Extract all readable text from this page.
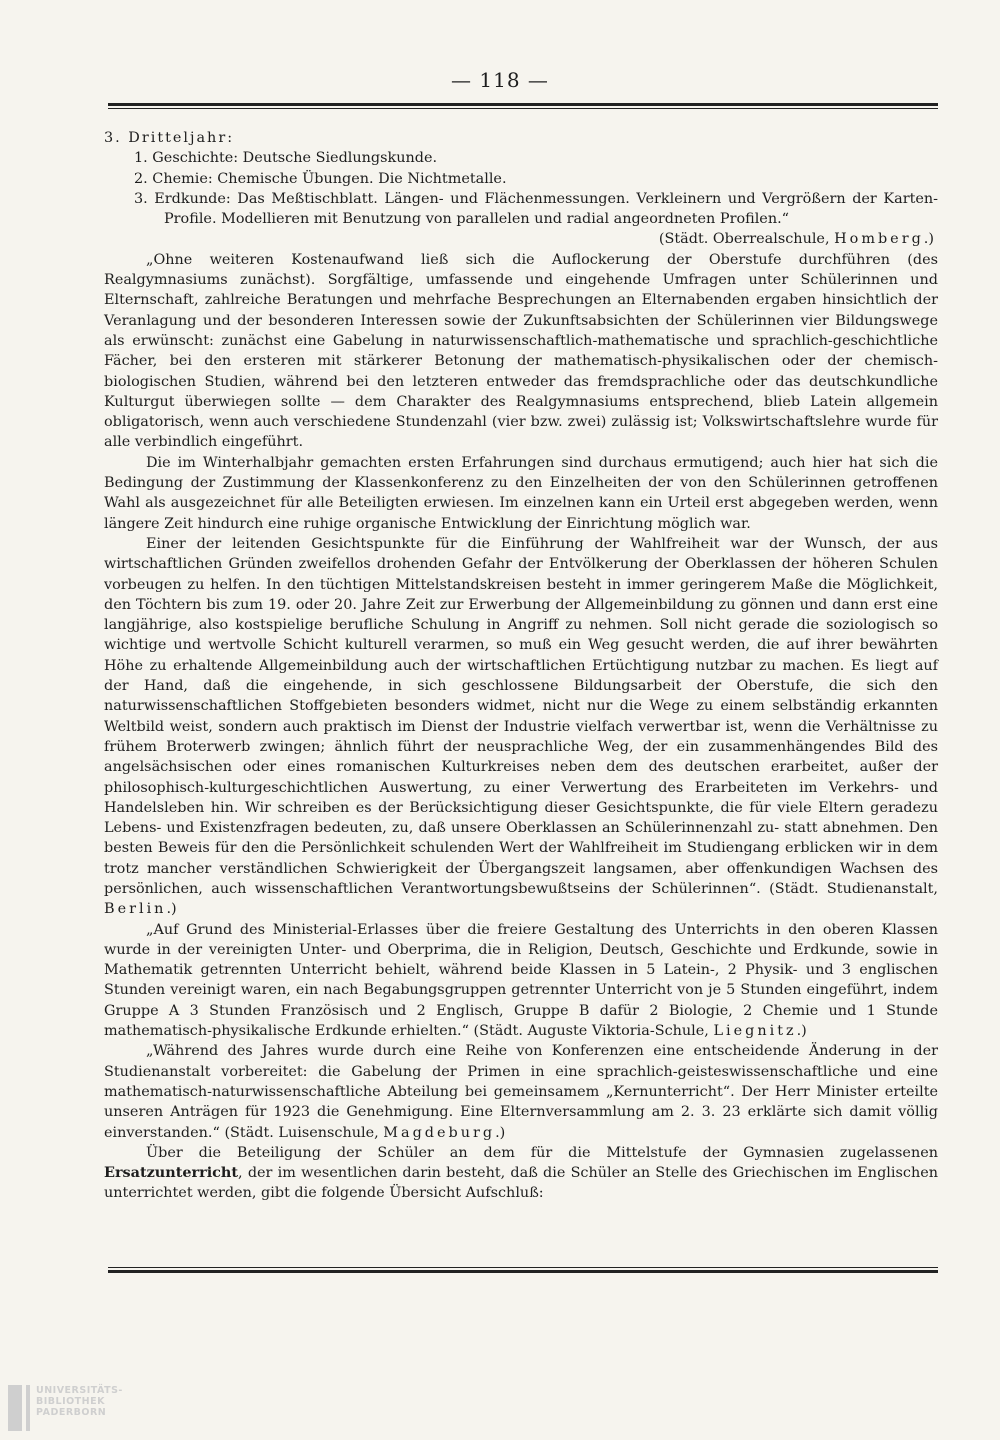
— 118 —
3. Dritteljahr:
1. Geschichte: Deutsche Siedlungskunde.
2. Chemie: Chemische Übungen. Die Nichtmetalle.
3. Erdkunde: Das Meßtischblatt. Längen- und Flächenmessungen. Verkleinern und Vergrößern der Karten-Profile. Modellieren mit Benutzung von parallelen und radial angeordneten Profilen.“
(Städt. Oberrealschule, Homberg.)

„Ohne weiteren Kostenaufwand ließ sich die Auflockerung der Oberstufe durchführen (des Realgymnasiums zunächst). Sorgfältige, umfassende und eingehende Umfragen unter Schülerinnen und Elternschaft, zahlreiche Beratungen und mehrfache Besprechungen an Elternabenden ergaben hinsichtlich der Veranlagung und der besonderen Interessen sowie der Zukunftsabsichten der Schülerinnen vier Bildungswege als erwünscht: zunächst eine Gabelung in naturwissenschaftlich-mathematische und sprachlich-geschichtliche Fächer, bei den ersteren mit stärkerer Betonung der mathematisch-physikalischen oder der chemisch-biologischen Studien, während bei den letzteren entweder das fremdsprachliche oder das deutschkundliche Kulturgut überwiegen sollte — dem Charakter des Realgymnasiums entsprechend, blieb Latein allgemein obligatorisch, wenn auch verschiedene Stundenzahl (vier bzw. zwei) zulässig ist; Volkswirtschaftslehre wurde für alle verbindlich eingeführt.

Die im Winterhalbjahr gemachten ersten Erfahrungen sind durchaus ermutigend; auch hier hat sich die Bedingung der Zustimmung der Klassenkonferenz zu den Einzelheiten der von den Schülerinnen getroffenen Wahl als ausgezeichnet für alle Beteiligten erwiesen. Im einzelnen kann ein Urteil erst abgegeben werden, wenn längere Zeit hindurch eine ruhige organische Entwicklung der Einrichtung möglich war.

Einer der leitenden Gesichtspunkte für die Einführung der Wahlfreiheit war der Wunsch, der aus wirtschaftlichen Gründen zweifellos drohenden Gefahr der Entvölkerung der Oberklassen der höheren Schulen vorbeugen zu helfen. In den tüchtigen Mittelstandskreisen besteht in immer geringerem Maße die Möglichkeit, den Töchtern bis zum 19. oder 20. Jahre Zeit zur Erwerbung der Allgemeinbildung zu gönnen und dann erst eine langjährige, also kostspielige berufliche Schulung in Angriff zu nehmen. Soll nicht gerade die soziologisch so wichtige und wertvolle Schicht kulturell verarmen, so muß ein Weg gesucht werden, die auf ihrer bewährten Höhe zu erhaltende Allgemeinbildung auch der wirtschaftlichen Ertüchtigung nutzbar zu machen. Es liegt auf der Hand, daß die eingehende, in sich geschlossene Bildungsarbeit der Oberstufe, die sich den naturwissenschaftlichen Stoffgebieten besonders widmet, nicht nur die Wege zu einem selbständig erkannten Weltbild weist, sondern auch praktisch im Dienst der Industrie vielfach verwertbar ist, wenn die Verhältnisse zu frühem Broterwerb zwingen; ähnlich führt der neusprachliche Weg, der ein zusammenhängendes Bild des angelsächsischen oder eines romanischen Kulturkreises neben dem des deutschen erarbeitet, außer der philosophisch-kulturgeschichtlichen Auswertung, zu einer Verwertung des Erarbeiteten im Verkehrs- und Handelsleben hin. Wir schreiben es der Berücksichtigung dieser Gesichtspunkte, die für viele Eltern geradezu Lebens- und Existenzfragen bedeuten, zu, daß unsere Oberklassen an Schülerinnenzahl zu- statt abnehmen. Den besten Beweis für den die Persönlichkeit schulenden Wert der Wahlfreiheit im Studiengang erblicken wir in dem trotz mancher verständlichen Schwierigkeit der Übergangszeit langsamen, aber offenkundigen Wachsen des persönlichen, auch wissenschaftlichen Verantwortungsbewußtseins der Schülerinnen“. (Städt. Studienanstalt, Berlin.)

„Auf Grund des Ministerial-Erlasses über die freiere Gestaltung des Unterrichts in den oberen Klassen wurde in der vereinigten Unter- und Oberprima, die in Religion, Deutsch, Geschichte und Erdkunde, sowie in Mathematik getrennten Unterricht behielt, während beide Klassen in 5 Latein-, 2 Physik- und 3 englischen Stunden vereinigt waren, ein nach Begabungsgruppen getrennter Unterricht von je 5 Stunden eingeführt, indem Gruppe A 3 Stunden Französisch und 2 Englisch, Gruppe B dafür 2 Biologie, 2 Chemie und 1 Stunde mathematisch-physikalische Erdkunde erhielten.“ (Städt. Auguste Viktoria-Schule, Liegnitz.)

„Während des Jahres wurde durch eine Reihe von Konferenzen eine entscheidende Änderung in der Studienanstalt vorbereitet: die Gabelung der Primen in eine sprachlich-geisteswissenschaftliche und eine mathematisch-naturwissenschaftliche Abteilung bei gemeinsamem „Kernunterricht“. Der Herr Minister erteilte unseren Anträgen für 1923 die Genehmigung. Eine Elternversammlung am 2. 3. 23 erklärte sich damit völlig einverstanden.“ (Städt. Luisenschule, Magdeburg.)

Über die Beteiligung der Schüler an dem für die Mittelstufe der Gymnasien zugelassenen Ersatzunterricht, der im wesentlichen darin besteht, daß die Schüler an Stelle des Griechischen im Englischen unterrichtet werden, gibt die folgende Übersicht Aufschluß:

UNIVERSITÄTS-
BIBLIOTHEK
PADERBORN
